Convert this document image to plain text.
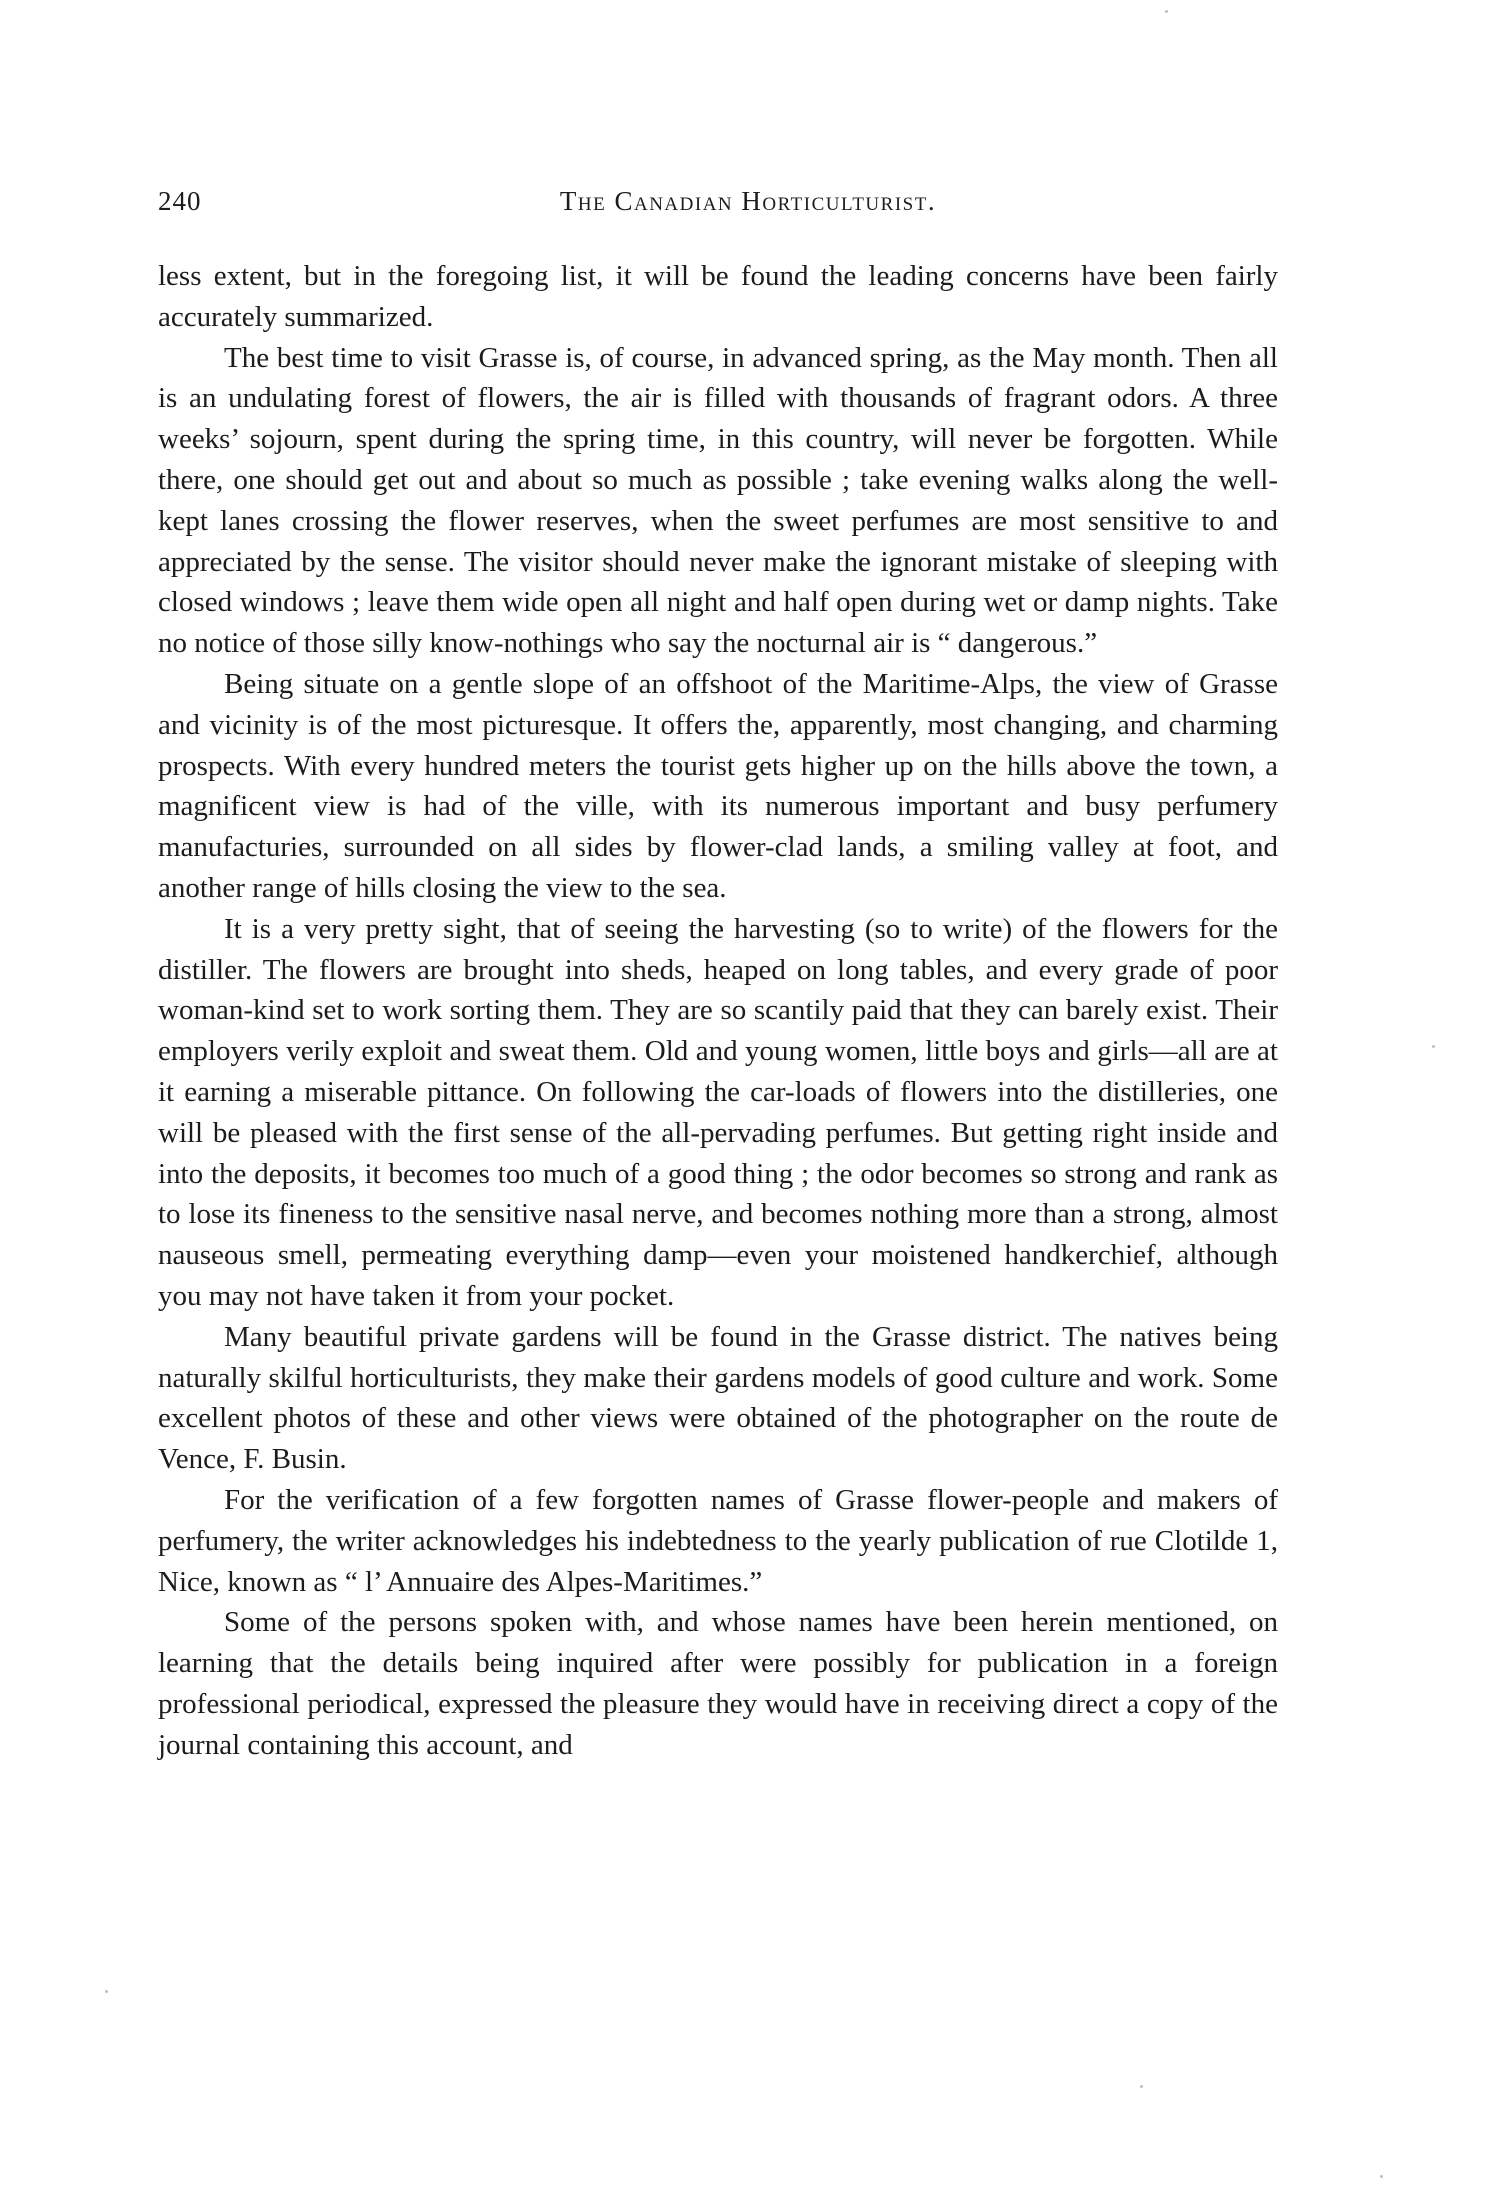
240	The Canadian Horticulturist.

less extent, but in the foregoing list, it will be found the leading concerns have been fairly accurately summarized.

The best time to visit Grasse is, of course, in advanced spring, as the May month. Then all is an undulating forest of flowers, the air is filled with thousands of fragrant odors. A three weeks’ sojourn, spent during the spring time, in this country, will never be forgotten. While there, one should get out and about so much as possible ; take evening walks along the well-kept lanes crossing the flower reserves, when the sweet perfumes are most sensitive to and appreciated by the sense. The visitor should never make the ignorant mistake of sleeping with closed windows ; leave them wide open all night and half open during wet or damp nights. Take no notice of those silly know-nothings who say the nocturnal air is “ dangerous.”

Being situate on a gentle slope of an offshoot of the Maritime-Alps, the view of Grasse and vicinity is of the most picturesque. It offers the, apparently, most changing, and charming prospects. With every hundred meters the tourist gets higher up on the hills above the town, a magnificent view is had of the ville, with its numerous important and busy perfumery manufacturies, surrounded on all sides by flower-clad lands, a smiling valley at foot, and another range of hills closing the view to the sea.

It is a very pretty sight, that of seeing the harvesting (so to write) of the flowers for the distiller. The flowers are brought into sheds, heaped on long tables, and every grade of poor woman-kind set to work sorting them. They are so scantily paid that they can barely exist. Their employers verily exploit and sweat them. Old and young women, little boys and girls—all are at it earning a miserable pittance. On following the car-loads of flowers into the distilleries, one will be pleased with the first sense of the all-pervading perfumes. But getting right inside and into the deposits, it becomes too much of a good thing ; the odor becomes so strong and rank as to lose its fineness to the sensitive nasal nerve, and becomes nothing more than a strong, almost nauseous smell, permeating everything damp—even your moistened handkerchief, although you may not have taken it from your pocket.

Many beautiful private gardens will be found in the Grasse district. The natives being naturally skilful horticulturists, they make their gardens models of good culture and work. Some excellent photos of these and other views were obtained of the photographer on the route de Vence, F. Busin.

For the verification of a few forgotten names of Grasse flower-people and makers of perfumery, the writer acknowledges his indebtedness to the yearly publication of rue Clotilde 1, Nice, known as “ l’ Annuaire des Alpes-Maritimes.”

Some of the persons spoken with, and whose names have been herein mentioned, on learning that the details being inquired after were possibly for publication in a foreign professional periodical, expressed the pleasure they would have in receiving direct a copy of the journal containing this account, and
